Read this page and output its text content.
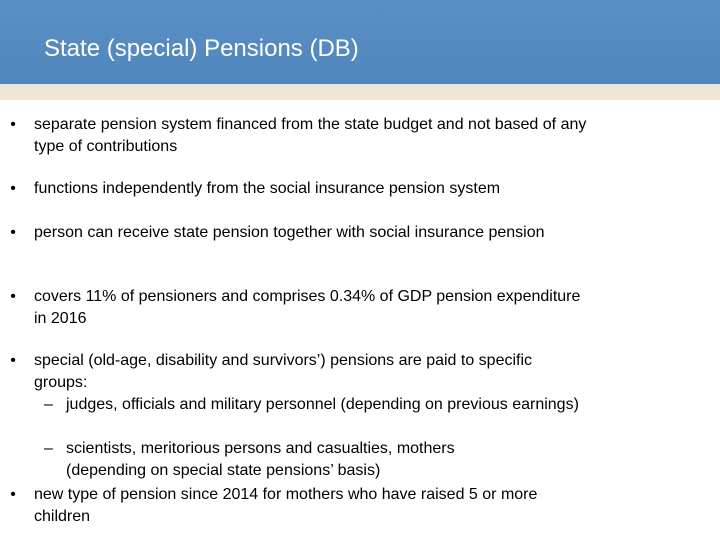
State (special) Pensions (DB)
• separate pension system financed from the state budget and not based of any type of contributions
• functions independently from the social insurance pension system
• person can receive state pension together with social insurance pension
• covers 11% of pensioners and comprises 0.34% of GDP pension expenditure in 2016
• special (old-age, disability and survivors’) pensions are paid to specific groups:
– judges, officials and military personnel (depending on previous earnings)
– scientists, meritorious persons and casualties, mothers (depending on special state pensions’ basis)
• new type of pension since 2014 for mothers who have raised 5 or more children
